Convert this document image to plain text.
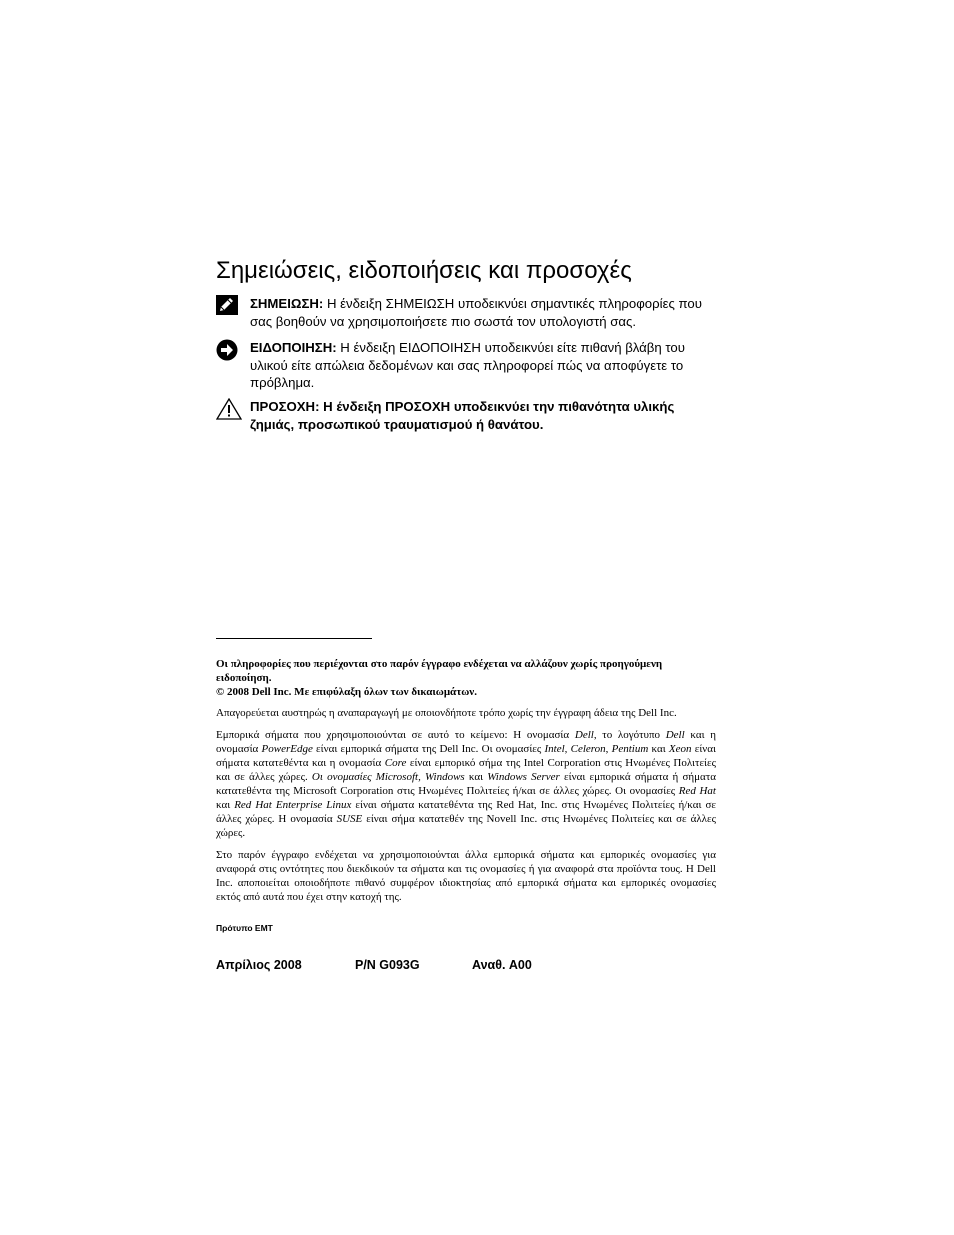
Σημειώσεις, ειδοποιήσεις και προσοχές
ΣΗΜΕΙΩΣΗ: Η ένδειξη ΣΗΜΕΙΩΣΗ υποδεικνύει σημαντικές πληροφορίες που σας βοηθούν να χρησιμοποιήσετε πιο σωστά τον υπολογιστή σας.
ΕΙΔΟΠΟΙΗΣΗ: Η ένδειξη ΕΙΔΟΠΟΙΗΣΗ υποδεικνύει είτε πιθανή βλάβη του υλικού είτε απώλεια δεδομένων και σας πληροφορεί πώς να αποφύγετε το πρόβλημα.
ΠΡΟΣΟΧΗ: Η ένδειξη ΠΡΟΣΟΧΗ υποδεικνύει την πιθανότητα υλικής ζημιάς, προσωπικού τραυματισμού ή θανάτου.

Οι πληροφορίες που περιέχονται στο παρόν έγγραφο ενδέχεται να αλλάζουν χωρίς προηγούμενη ειδοποίηση.

© 2008 Dell Inc. Με επιφύλαξη όλων των δικαιωμάτων.

Απαγορεύεται αυστηρώς η αναπαραγωγή με οποιονδήποτε τρόπο χωρίς την έγγραφη άδεια της Dell Inc.

Εμπορικά σήματα που χρησιμοποιούνται σε αυτό το κείμενο: Η ονομασία Dell, το λογότυπο Dell και η ονομασία PowerEdge είναι εμπορικά σήματα της Dell Inc. Οι ονομασίες Intel, Celeron, Pentium και Xeon είναι σήματα κατατεθέντα και η ονομασία Core είναι εμπορικό σήμα της Intel Corporation στις Ηνωμένες Πολιτείες και σε άλλες χώρες. Οι ονομασίες Microsoft, Windows και Windows Server είναι εμπορικά σήματα ή σήματα κατατεθέντα της Microsoft Corporation στις Ηνωμένες Πολιτείες ή/και σε άλλες χώρες. Οι ονομασίες Red Hat και Red Hat Enterprise Linux είναι σήματα κατατεθέντα της Red Hat, Inc. στις Ηνωμένες Πολιτείες ή/και σε άλλες χώρες. Η ονομασία SUSE είναι σήμα κατατεθέν της Novell Inc. στις Ηνωμένες Πολιτείες και σε άλλες χώρες.

Στο παρόν έγγραφο ενδέχεται να χρησιμοποιούνται άλλα εμπορικά σήματα και εμπορικές ονομασίες για αναφορά στις οντότητες που διεκδικούν τα σήματα και τις ονομασίες ή για αναφορά στα προϊόντα τους. Η Dell Inc. αποποιείται οποιοδήποτε πιθανό συμφέρον ιδιοκτησίας από εμπορικά σήματα και εμπορικές ονομασίες εκτός από αυτά που έχει στην κατοχή της.

Πρότυπο EMT
Απρίλιος 2008	P/N G093G	Αναθ. A00
